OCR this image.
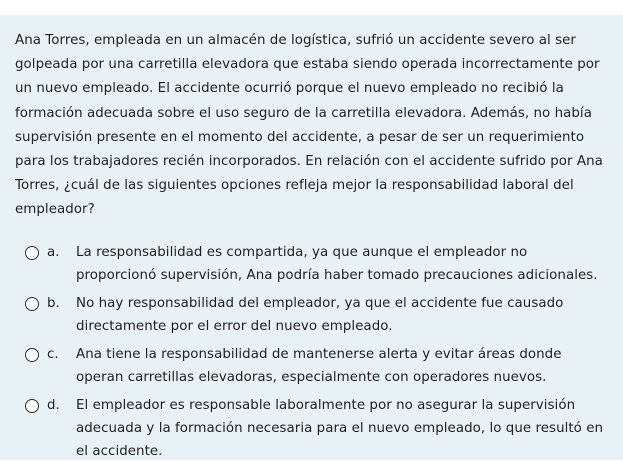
Ana Torres, empleada en un almacén de logística, sufrió un accidente severo al ser golpeada por una carretilla elevadora que estaba siendo operada incorrectamente por un nuevo empleado. El accidente ocurrió porque el nuevo empleado no recibió la formación adecuada sobre el uso seguro de la carretilla elevadora. Además, no había supervisión presente en el momento del accidente, a pesar de ser un requerimiento para los trabajadores recién incorporados. En relación con el accidente sufrido por Ana Torres, ¿cuál de las siguientes opciones refleja mejor la responsabilidad laboral del empleador?

a. La responsabilidad es compartida, ya que aunque el empleador no proporcionó supervisión, Ana podría haber tomado precauciones adicionales.
b. No hay responsabilidad del empleador, ya que el accidente fue causado directamente por el error del nuevo empleado.
c. Ana tiene la responsabilidad de mantenerse alerta y evitar áreas donde operan carretillas elevadoras, especialmente con operadores nuevos.
d. El empleador es responsable laboralmente por no asegurar la supervisión adecuada y la formación necesaria para el nuevo empleado, lo que resultó en el accidente.
